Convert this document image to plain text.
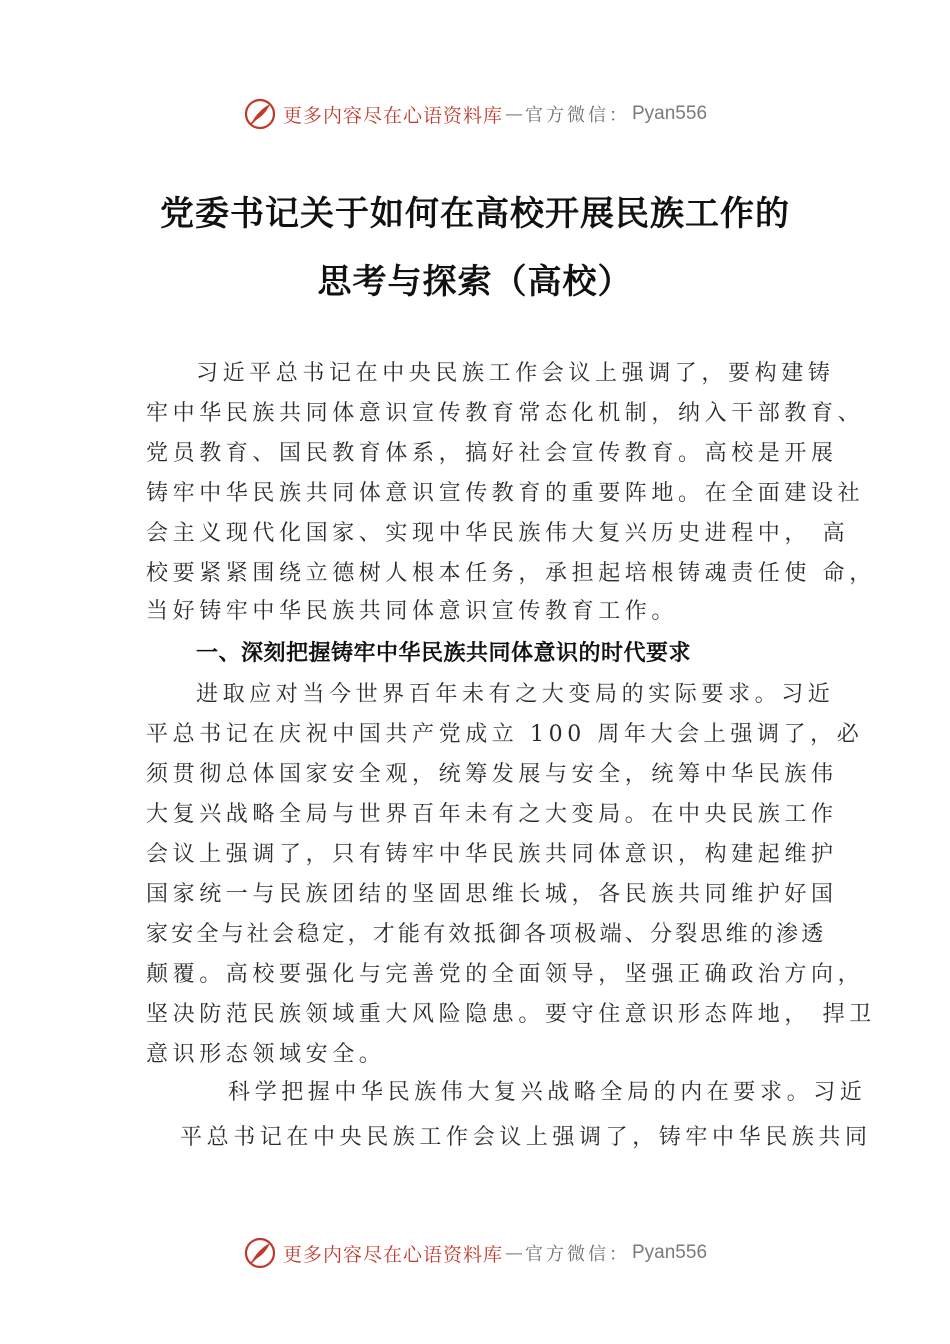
更多内容尽在心语资料库 — 官方微信： Pyan556
党委书记关于如何在高校开展民族工作的
思考与探索（高校）
习近平总书记在中央民族工作会议上强调了，要构建铸
牢中华民族共同体意识宣传教育常态化机制，纳入干部教育、
党员教育、国民教育体系，搞好社会宣传教育。高校是开展
铸牢中华民族共同体意识宣传教育的重要阵地。在全面建设社
会主义现代化国家、实现中华民族伟大复兴历史进程中， 高
校要紧紧围绕立德树人根本任务，承担起培根铸魂责任使 命，
当好铸牢中华民族共同体意识宣传教育工作。
一、深刻把握铸牢中华民族共同体意识的时代要求
进取应对当今世界百年未有之大变局的实际要求。习近
平总书记在庆祝中国共产党成立 100 周年大会上强调了，必
须贯彻总体国家安全观，统筹发展与安全，统筹中华民族伟
大复兴战略全局与世界百年未有之大变局。在中央民族工作
会议上强调了，只有铸牢中华民族共同体意识，构建起维护
国家统一与民族团结的坚固思维长城，各民族共同维护好国
家安全与社会稳定，才能有效抵御各项极端、分裂思维的渗透
颠覆。高校要强化与完善党的全面领导，坚强正确政治方向，
坚决防范民族领域重大风险隐患。要守住意识形态阵地， 捍卫
意识形态领域安全。
科学把握中华民族伟大复兴战略全局的内在要求。习近
平总书记在中央民族工作会议上强调了，铸牢中华民族共同
更多内容尽在心语资料库 — 官方微信： Pyan556
